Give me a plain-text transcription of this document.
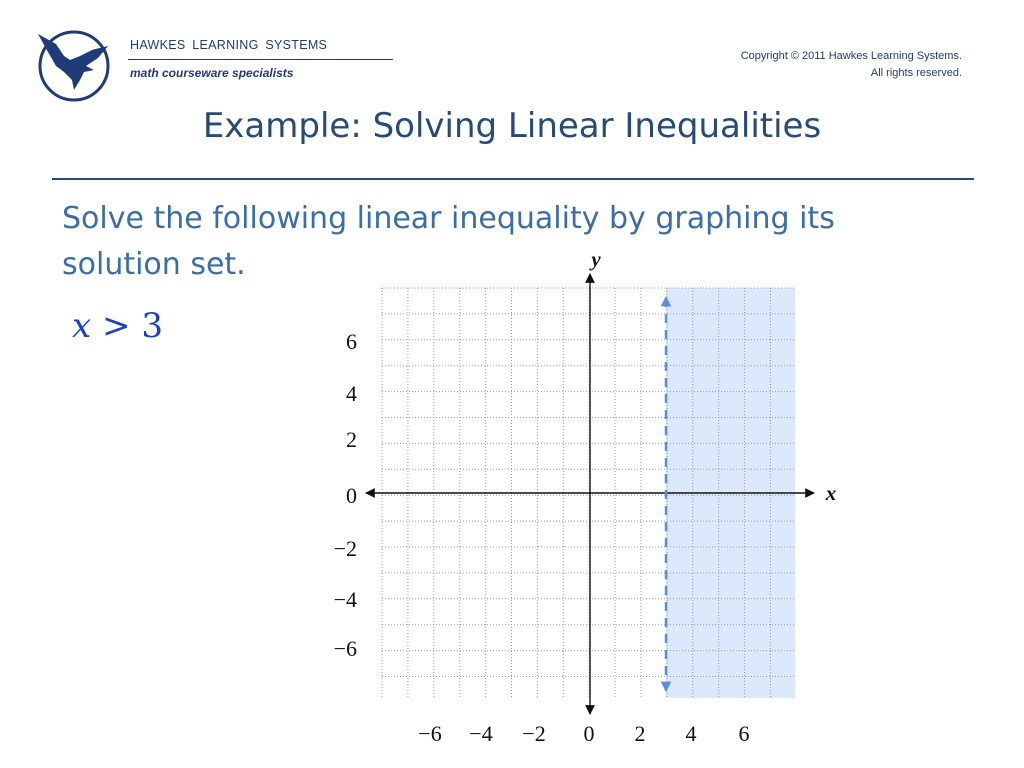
HAWKES LEARNING SYSTEMS
math courseware specialists
Copyright © 2011 Hawkes Learning Systems.
All rights reserved.
Example: Solving Linear Inequalities
Solve the following linear inequality by graphing its
solution set.
x > 3
−6 −4 −2 0 2 4 6
6
4
2
0
−2
−4
−6
y
x
